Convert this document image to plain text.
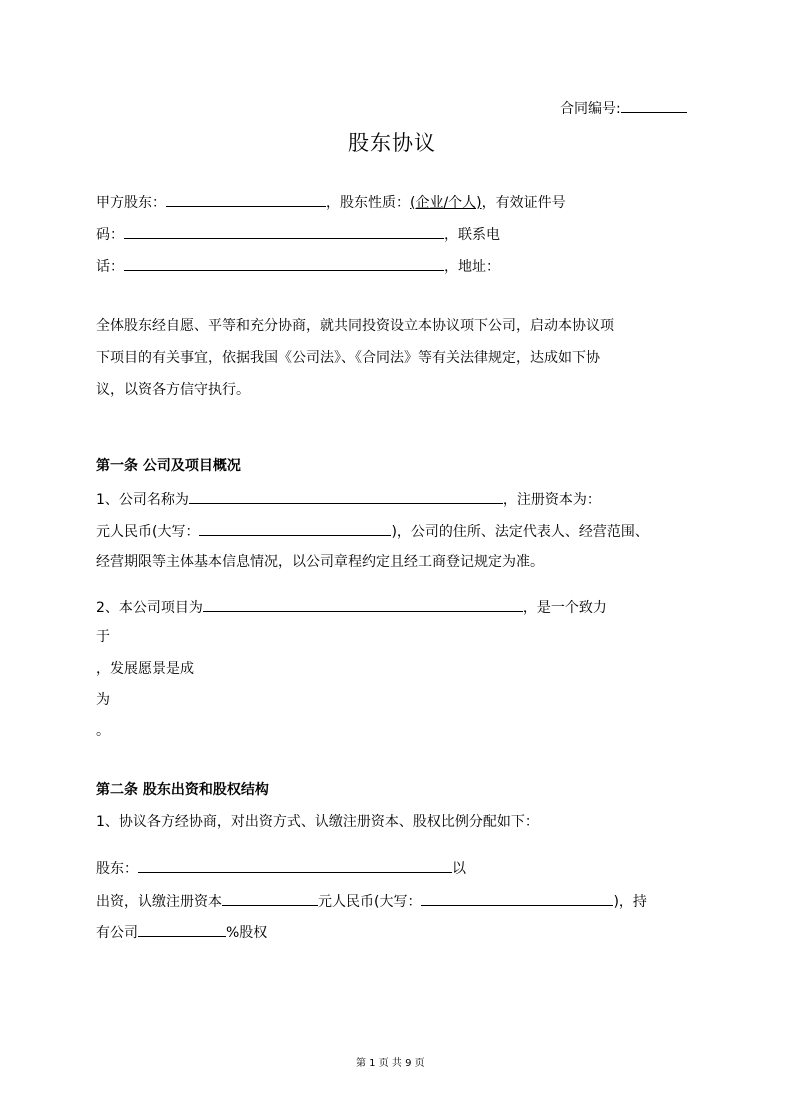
合同编号:
股东协议
甲方股东：	，股东性质：(企业/个人)，有效证件号
码：	，联系电
话：	，地址：
全体股东经自愿、平等和充分协商，就共同投资设立本协议项下公司，启动本协议项
下项目的有关事宜，依据我国《公司法》、《合同法》等有关法律规定，达成如下协
议，以资各方信守执行。
第一条 公司及项目概况
1、公司名称为	，注册资本为：
元人民币(大写：	)，公司的住所、法定代表人、经营范围、
经营期限等主体基本信息情况，以公司章程约定且经工商登记规定为准。
2、本公司项目为	，是一个致力
于
，发展愿景是成
为
。
第二条 股东出资和股权结构
1、协议各方经协商，对出资方式、认缴注册资本、股权比例分配如下：
股东：	以
出资，认缴注册资本	元人民币(大写：	)，持
有公司	%股权
第 1 页 共 9 页
